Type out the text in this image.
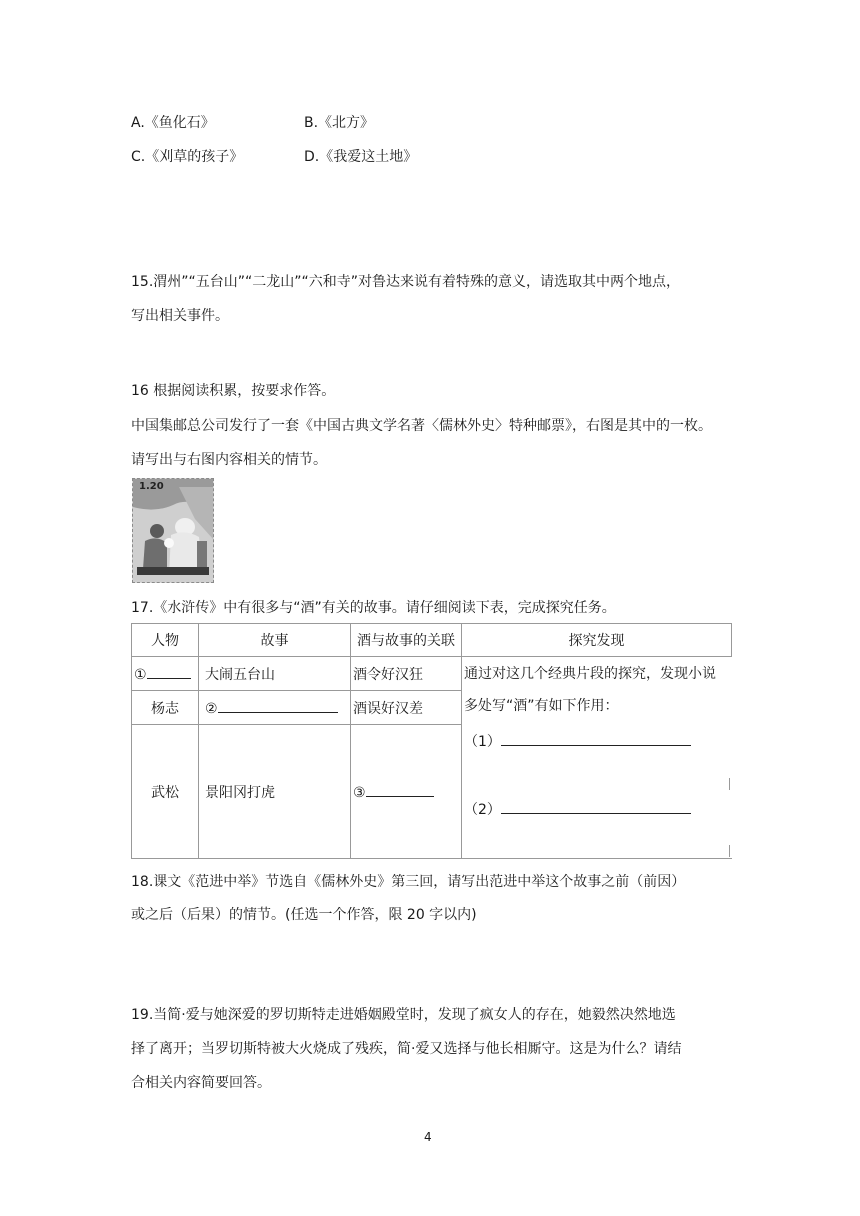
A.《鱼化石》	B.《北方》
C.《刈草的孩子》	D.《我爱这土地》
15.渭州”“五台山”“二龙山”“六和寺”对鲁达来说有着特殊的意义，请选取其中两个地点，
写出相关事件。
16 根据阅读积累，按要求作答。
中国集邮总公司发行了一套《中国古典文学名著〈儒林外史〉特种邮票》，右图是其中的一枚。
请写出与右图内容相关的情节。
1.20
17.《水浒传》中有很多与“酒”有关的故事。请仔细阅读下表，完成探究任务。
人物	故事	酒与故事的关联	探究发现
①	大闹五台山	酒令好汉狂	通过对这几个经典片段的探究，发现小说
多处写“酒”有如下作用：
（1）
（2）

杨志	②	酒误好汉差	
武松	景阳冈打虎	③	
18.课文《范进中举》节选自《儒林外史》第三回，请写出范进中举这个故事之前（前因）
或之后（后果）的情节。(任选一个作答，限 20 字以内)
19.当简·爱与她深爱的罗切斯特走进婚姻殿堂时，发现了疯女人的存在，她毅然决然地选
择了离开；当罗切斯特被大火烧成了残疾，简·爱又选择与他长相厮守。这是为什么？请结
合相关内容简要回答。
4
